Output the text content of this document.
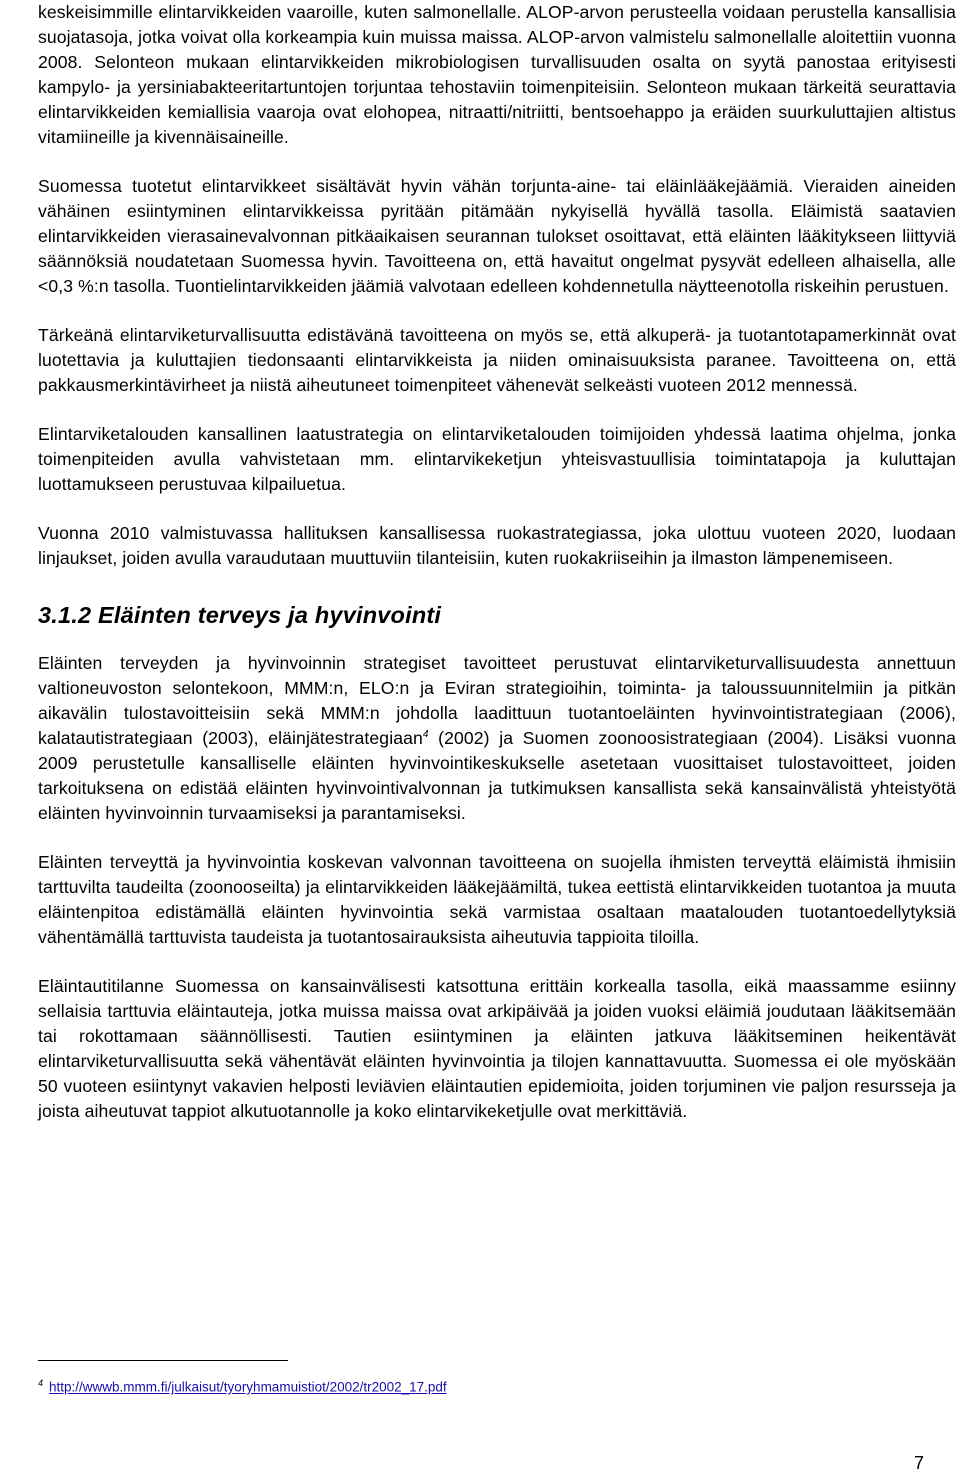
keskeisimmille elintarvikkeiden vaaroille, kuten salmonellalle. ALOP-arvon perusteella voidaan perustella kansallisia suojatasoja, jotka voivat olla korkeampia kuin muissa maissa. ALOP-arvon valmistelu salmonellalle aloitettiin vuonna 2008. Selonteon mukaan elintarvikkeiden mikrobiologisen turvallisuuden osalta on syytä panostaa erityisesti kampylo- ja yersiniabakteeritartuntojen torjuntaa tehostaviin toimenpiteisiin. Selonteon mukaan tärkeitä seurattavia elintarvikkeiden kemiallisia vaaroja ovat elohopea, nitraatti/nitriitti, bentsoehappo ja eräiden suurkuluttajien altistus vitamiineille ja kivennäisaineille.

Suomessa tuotetut elintarvikkeet sisältävät hyvin vähän torjunta-aine- tai eläinlääkejäämiä. Vieraiden aineiden vähäinen esiintyminen elintarvikkeissa pyritään pitämään nykyisellä hyvällä tasolla. Eläimistä saatavien elintarvikkeiden vierasainevalvonnan pitkäaikaisen seurannan tulokset osoittavat, että eläinten lääkitykseen liittyviä säännöksiä noudatetaan Suomessa hyvin. Tavoitteena on, että havaitut ongelmat pysyvät edelleen alhaisella, alle <0,3 %:n tasolla. Tuontielintarvikkeiden jäämiä valvotaan edelleen kohdennetulla näytteenotolla riskeihin perustuen.

Tärkeänä elintarviketurvallisuutta edistävänä tavoitteena on myös se, että alkuperä- ja tuotantotapamerkinnät ovat luotettavia ja kuluttajien tiedonsaanti elintarvikkeista ja niiden ominaisuuksista paranee. Tavoitteena on, että pakkausmerkintävirheet ja niistä aiheutuneet toimenpiteet vähenevät selkeästi vuoteen 2012 mennessä.

Elintarviketalouden kansallinen laatustrategia on elintarviketalouden toimijoiden yhdessä laatima ohjelma, jonka toimenpiteiden avulla vahvistetaan mm. elintarvikeketjun yhteisvastuullisia toimintatapoja ja kuluttajan luottamukseen perustuvaa kilpailuetua.

Vuonna 2010 valmistuvassa hallituksen kansallisessa ruokastrategiassa, joka ulottuu vuoteen 2020, luodaan linjaukset, joiden avulla varaudutaan muuttuviin tilanteisiin, kuten ruokakriiseihin ja ilmaston lämpenemiseen.

3.1.2 Eläinten terveys ja hyvinvointi

Eläinten terveyden ja hyvinvoinnin strategiset tavoitteet perustuvat elintarviketurvallisuudesta annettuun valtioneuvoston selontekoon, MMM:n, ELO:n ja Eviran strategioihin, toiminta- ja taloussuunnitelmiin ja pitkän aikavälin tulostavoitteisiin sekä MMM:n johdolla laadittuun tuotantoeläinten hyvinvointistrategiaan (2006), kalatautistrategiaan (2003), eläinjätestrategiaan$^4$ (2002) ja Suomen zoonoosistrategiaan (2004). Lisäksi vuonna 2009 perustetulle kansalliselle eläinten hyvinvointikeskukselle asetetaan vuosittaiset tulostavoitteet, joiden tarkoituksena on edistää eläinten hyvinvointivalvonnan ja tutkimuksen kansallista sekä kansainvälistä yhteistyötä eläinten hyvinvoinnin turvaamiseksi ja parantamiseksi.

Eläinten terveyttä ja hyvinvointia koskevan valvonnan tavoitteena on suojella ihmisten terveyttä eläimistä ihmisiin tarttuvilta taudeilta (zoonooseilta) ja elintarvikkeiden lääkejäämiltä, tukea eettistä elintarvikkeiden tuotantoa ja muuta eläintenpitoa edistämällä eläinten hyvinvointia sekä varmistaa osaltaan maatalouden tuotantoedellytyksiä vähentämällä tarttuvista taudeista ja tuotantosairauksista aiheutuvia tappioita tiloilla.

Eläintautitilanne Suomessa on kansainvälisesti katsottuna erittäin korkealla tasolla, eikä maassamme esiinny sellaisia tarttuvia eläintauteja, jotka muissa maissa ovat arkipäivää ja joiden vuoksi eläimiä joudutaan lääkitsemään tai rokottamaan säännöllisesti. Tautien esiintyminen ja eläinten jatkuva lääkitseminen heikentävät elintarviketurvallisuutta sekä vähentävät eläinten hyvinvointia ja tilojen kannattavuutta. Suomessa ei ole myöskään 50 vuoteen esiintynyt vakavien helposti leviävien eläintautien epidemioita, joiden torjuminen vie paljon resursseja ja joista aiheutuvat tappiot alkutuotannolle ja koko elintarvikeketjulle ovat merkittäviä.

$^4$ http://wwwb.mmm.fi/julkaisut/tyoryhmamuistiot/2002/tr2002_17.pdf
7
